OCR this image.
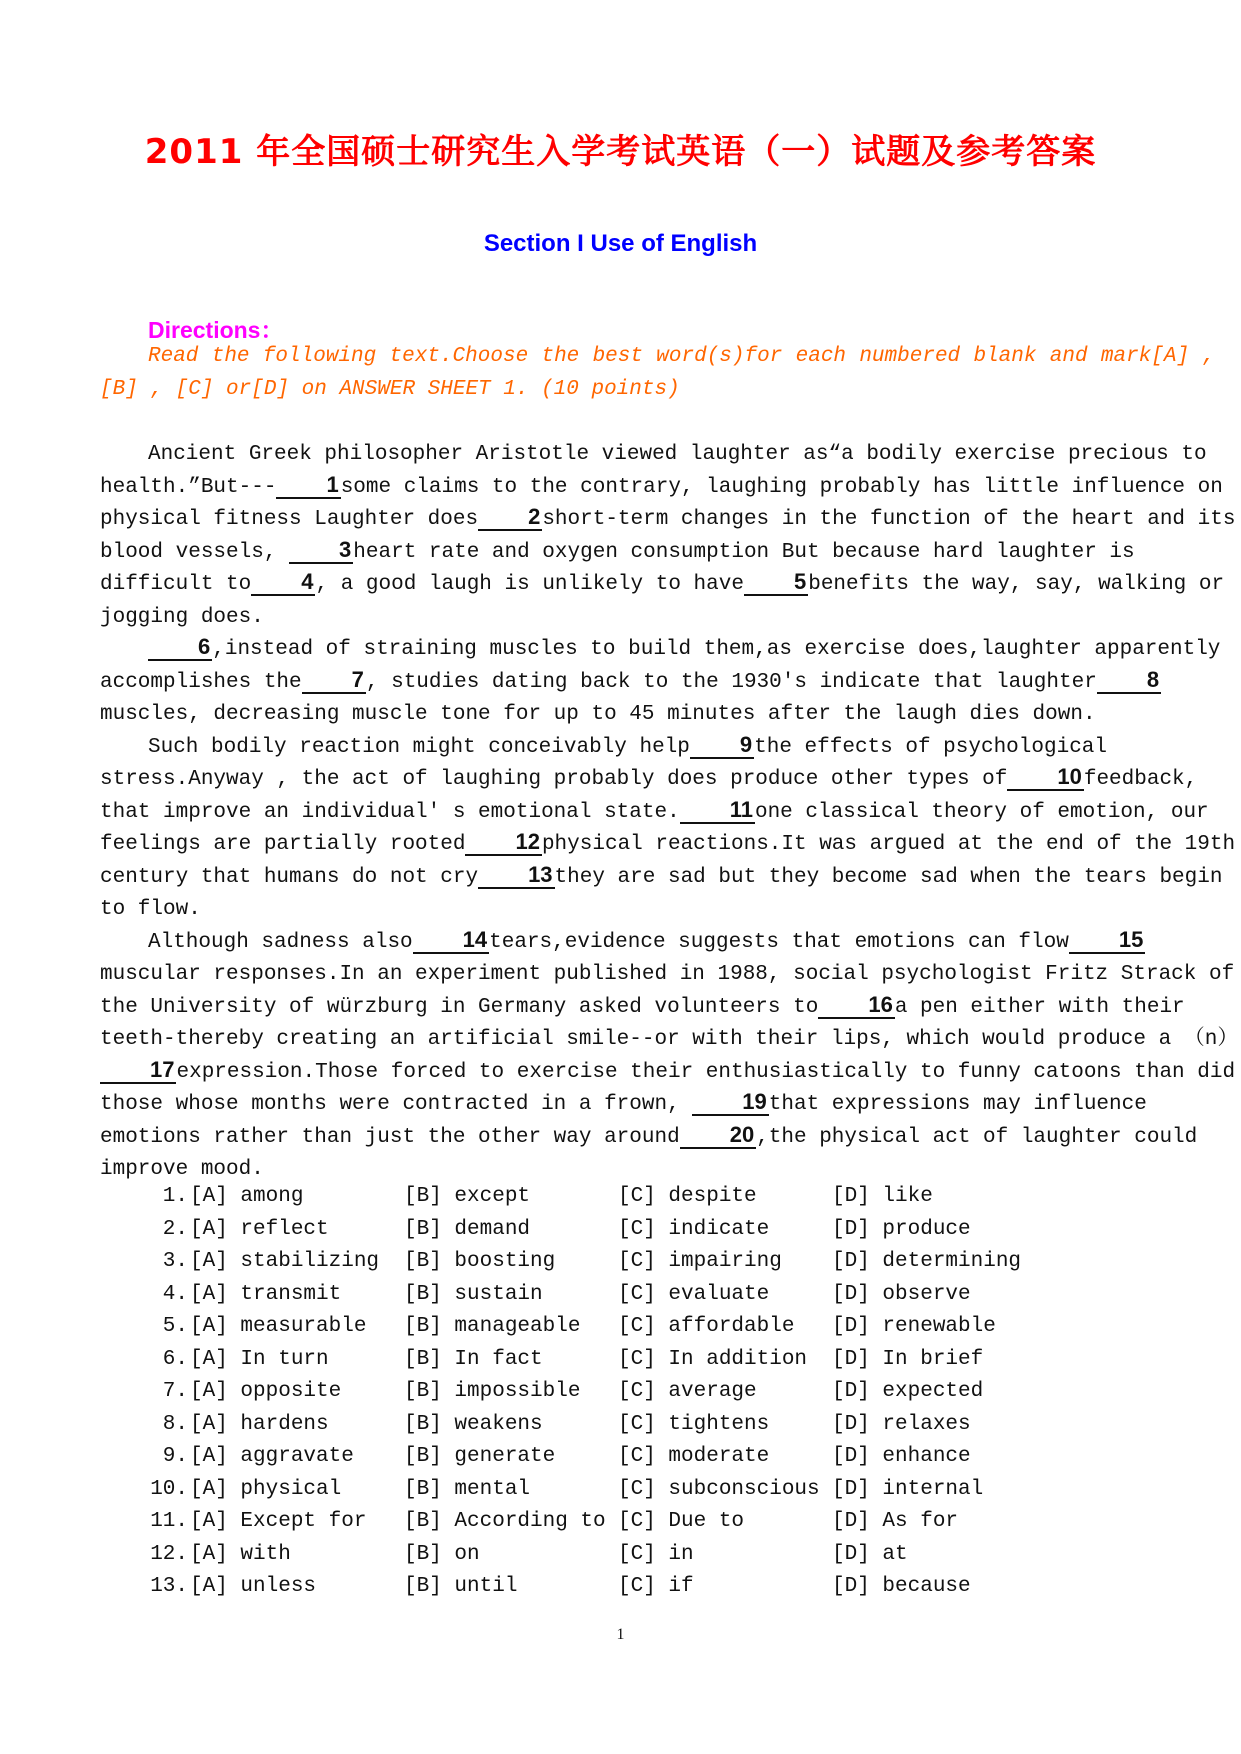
2011 年全国硕士研究生入学考试英语（一）试题及参考答案
Section I Use of English
Directions：

Read the following text.Choose the best word(s)for each numbered blank and mark[A] , [B] , [C] or[D] on ANSWER SHEET 1. (10 points)

Ancient Greek philosopher Aristotle viewed laughter as“a bodily exercise precious to health.”But--- 1some claims to the contrary, laughing probably has little influence on physical fitness Laughter does 2short-term changes in the function of the heart and its blood vessels, 3heart rate and oxygen consumption But because hard laughter is difficult to 4, a good laugh is unlikely to have 5benefits the way, say, walking or jogging does.

6,instead of straining muscles to build them,as exercise does,laughter apparently accomplishes the 7, studies dating back to the 1930's indicate that laughter 8muscles, decreasing muscle tone for up to 45 minutes after the laugh dies down.

Such bodily reaction might conceivably help 9the effects of psychological stress.Anyway , the act of laughing probably does produce other types of 10feedback, that improve an individual' s emotional state. 11one classical theory of emotion, our feelings are partially rooted 12physical reactions.It was argued at the end of the 19th century that humans do not cry 13they are sad but they become sad when the tears begin to flow.

Although sadness also 14tears,evidence suggests that emotions can flow 15muscular responses.In an experiment published in 1988, social psychologist Fritz Strack of the University of würzburg in Germany asked volunteers to 16a pen either with their teeth-thereby creating an artificial smile--or with their lips, which would produce a （n） 17expression.Those forced to exercise their enthusiastically to funny catoons than did those whose months were contracted in a frown, 19that expressions may influence emotions rather than just the other way around 20,the physical act of laughter could improve mood.

1. [A] among	[B] except	[C] despite	[D] like
2. [A] reflect	[B] demand	[C] indicate	[D] produce
3. [A] stabilizing	[B] boosting	[C] impairing	[D] determining
4. [A] transmit	[B] sustain	[C] evaluate	[D] observe
5. [A] measurable	[B] manageable	[C] affordable	[D] renewable
6. [A] In turn	[B] In fact	[C] In addition	[D] In brief
7. [A] opposite	[B] impossible	[C] average	[D] expected
8. [A] hardens	[B] weakens	[C] tightens	[D] relaxes
9. [A] aggravate	[B] generate	[C] moderate	[D] enhance
10. [A] physical	[B] mental	[C] subconscious [D] internal
11. [A] Except for	[B] According to [C] Due to	[D] As for
12. [A] with	[B] on	[C] in	[D] at
13. [A] unless	[B] until	[C] if	[D] because
1
